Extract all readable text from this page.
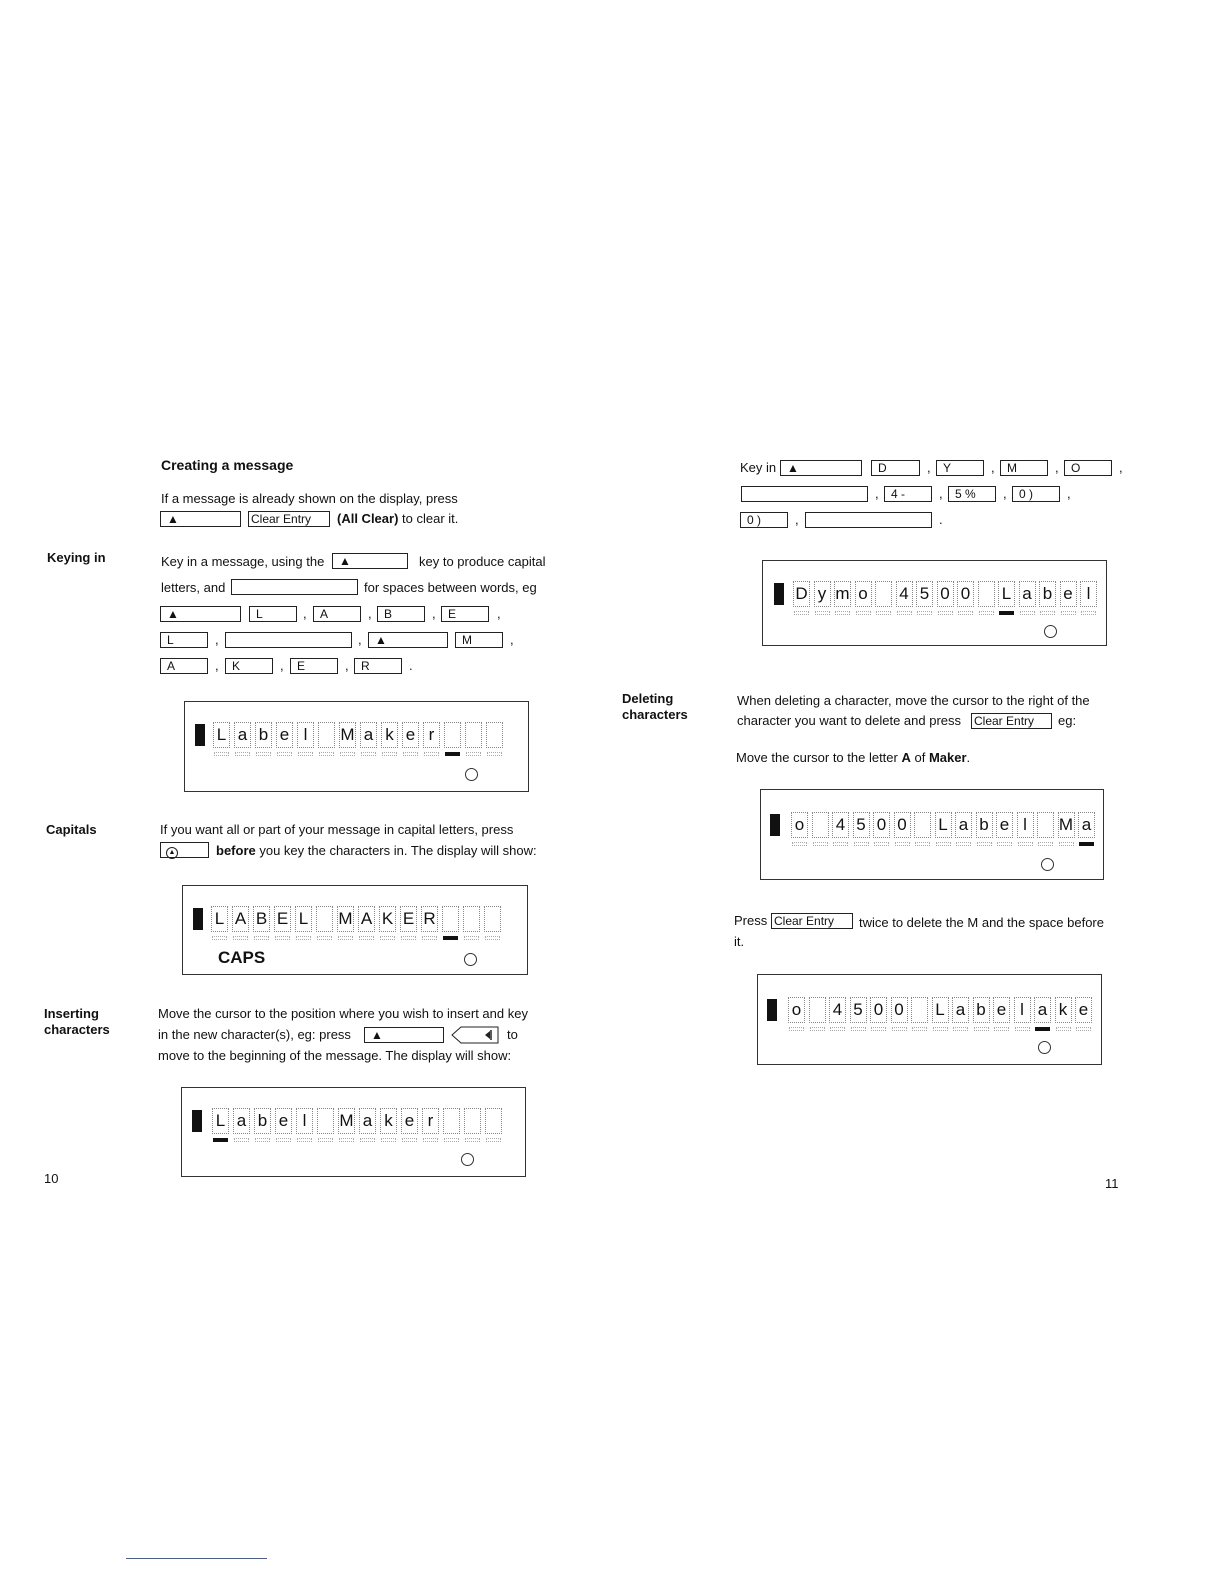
Creating a message
If a message is already shown on the display, press
▲	Clear Entry	(All Clear) to clear it.
Keying in	Key in a message, using the	▲	key to produce capital
letters, and	for spaces between words, eg
▲	L	,	A	,	B	,	E	,
L	,	,	▲	M	,
A	,	K	,	E	,	R	.
L a b e l	M a k e r
Capitals	If you want all or part of your message in capital letters, press
▲	before you key the characters in. The display will show:
CAPS
L A B E L M A K E R
Inserting
characters
Move the cursor to the position where you wish to insert and key
in the new character(s), eg: press	▲	to
move to the beginning of the message. The display will show:
L a b e l	M a k e r
10
Key in ▲	D	,	Y	,	M	,	O	,
,	4 -	,	5 %	,	0 )	,
0 )	,	.
D y m o 4 5 0 0 L a b e l
Deleting
characters
When deleting a character, move the cursor to the right of the
character you want to delete and press Clear Entry	eg:
Move the cursor to the letter A of Maker.
o 4 5 0 0 L a b e l	M a
Press Clear Entry	twice to delete the M and the space before
it.
o 4 5 0 0 L a b e l a k e
11
